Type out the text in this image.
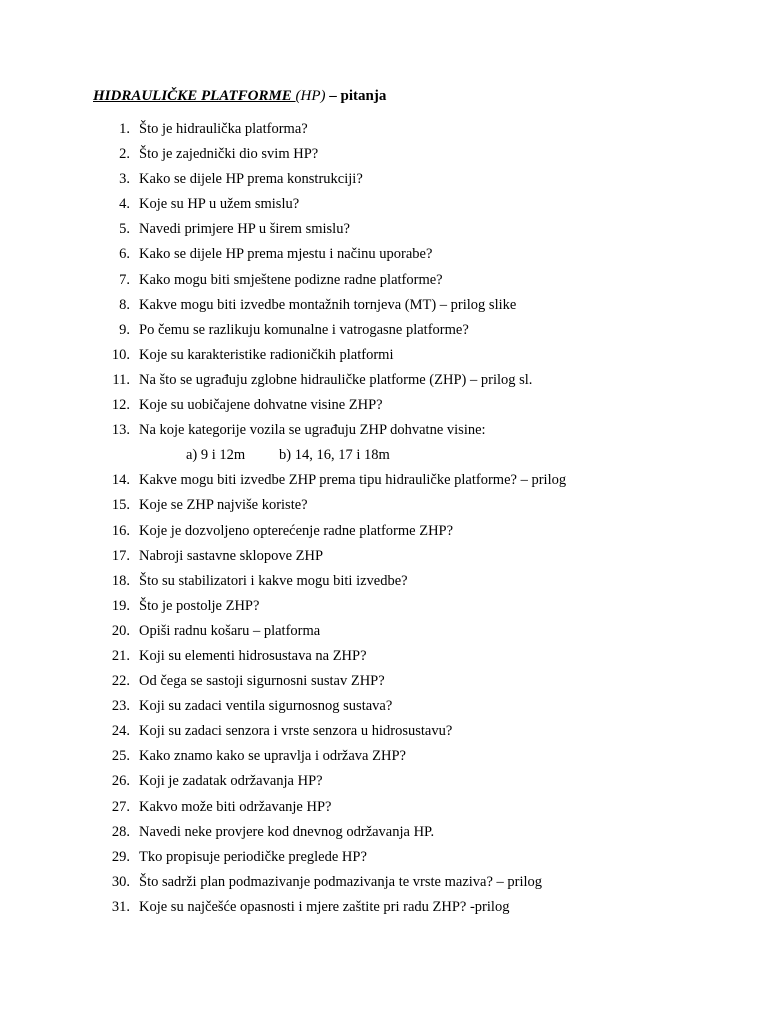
HIDRAULIČKE PLATFORME (HP) – pitanja
1. Što je hidraulička platforma?
2. Što je zajednički dio svim HP?
3. Kako se dijele HP prema konstrukciji?
4. Koje su HP u užem smislu?
5. Navedi primjere HP u širem smislu?
6. Kako se dijele HP prema mjestu i načinu uporabe?
7. Kako mogu biti smještene podizne radne platforme?
8. Kakve mogu biti izvedbe montažnih tornjeva (MT) – prilog slike
9. Po čemu se razlikuju komunalne i vatrogasne platforme?
10. Koje su karakteristike radioničkih platformi
11. Na što se ugrađuju zglobne hidrauličke platforme (ZHP) – prilog sl.
12. Koje su uobičajene dohvatne visine ZHP?
13. Na koje kategorije vozila se ugrađuju ZHP dohvatne visine:
a) 9 i 12m b) 14, 16, 17 i 18m
14. Kakve mogu biti izvedbe ZHP prema tipu hidrauličke platforme? – prilog
15. Koje se ZHP najviše koriste?
16. Koje je dozvoljeno opterećenje radne platforme ZHP?
17. Nabroji sastavne sklopove ZHP
18. Što su stabilizatori i kakve mogu biti izvedbe?
19. Što je postolje ZHP?
20. Opiši radnu košaru – platforma
21. Koji su elementi hidrosustava na ZHP?
22. Od čega se sastoji sigurnosni sustav ZHP?
23. Koji su zadaci ventila sigurnosnog sustava?
24. Koji su zadaci senzora i vrste senzora u hidrosustavu?
25. Kako znamo kako se upravlja i održava ZHP?
26. Koji je zadatak održavanja HP?
27. Kakvo može biti održavanje HP?
28. Navedi neke provjere kod dnevnog održavanja HP.
29. Tko propisuje periodičke preglede HP?
30. Što sadrži plan podmazivanje podmazivanja te vrste maziva? – prilog
31. Koje su najčešće opasnosti i mjere zaštite pri radu ZHP? -prilog
